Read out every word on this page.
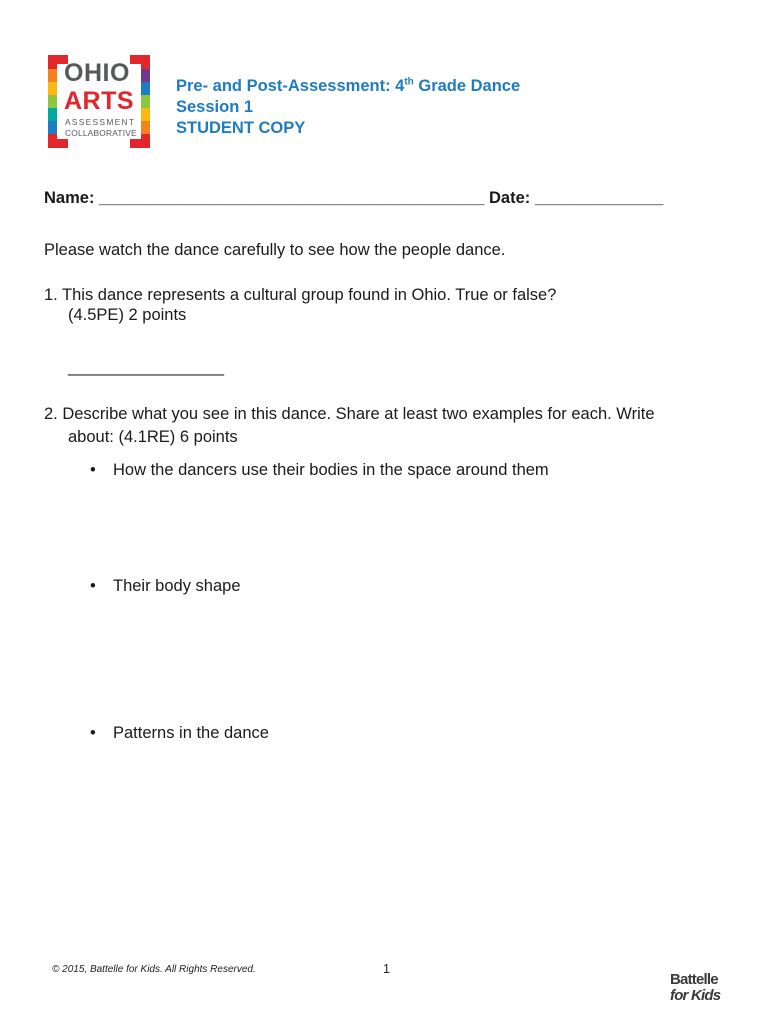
OHIO
ARTS
ASSESSMENT
COLLABORATIVE
Pre- and Post-Assessment: 4th Grade Dance
Session 1
STUDENT COPY
Name: __________________________________________ Date: ______________
Please watch the dance carefully to see how the people dance.
1. This dance represents a cultural group found in Ohio. True or false?
(4.5PE) 2 points
_________________
2. Describe what you see in this dance. Share at least two examples for each. Write
about: (4.1RE) 6 points
• How the dancers use their bodies in the space around them
• Their body shape
• Patterns in the dance
© 2015, Battelle for Kids. All Rights Reserved.	1
Battelle
for Kids
